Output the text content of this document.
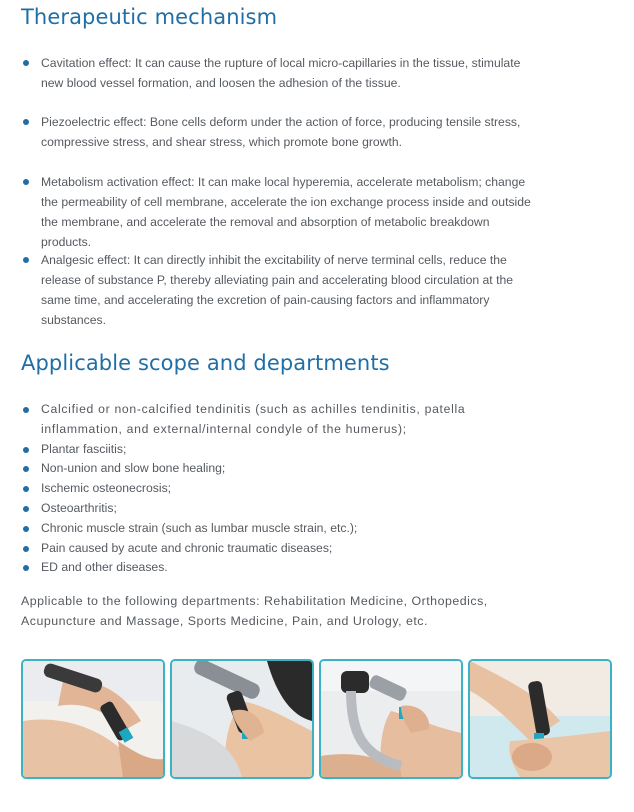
Therapeutic mechanism
Cavitation effect: It can cause the rupture of local micro-capillaries in the tissue, stimulate new blood vessel formation, and loosen the adhesion of the tissue.
Piezoelectric effect: Bone cells deform under the action of force, producing tensile stress, compressive stress, and shear stress, which promote bone growth.
Metabolism activation effect: It can make local hyperemia, accelerate metabolism; change the permeability of cell membrane, accelerate the ion exchange process inside and outside the membrane, and accelerate the removal and absorption of metabolic breakdown products.
Analgesic effect: It can directly inhibit the excitability of nerve terminal cells, reduce the release of substance P, thereby alleviating pain and accelerating blood circulation at the same time, and accelerating the excretion of pain-causing factors and inflammatory substances.
Applicable scope and departments
Calcified or non-calcified tendinitis (such as achilles tendinitis, patella inflammation, and external/internal condyle of the humerus);
Plantar fasciitis;
Non-union and slow bone healing;
Ischemic osteonecrosis;
Osteoarthritis;
Chronic muscle strain (such as lumbar muscle strain, etc.);
Pain caused by acute and chronic traumatic diseases;
ED and other diseases.

Applicable to the following departments: Rehabilitation Medicine, Orthopedics, Acupuncture and Massage, Sports Medicine, Pain, and Urology, etc.
